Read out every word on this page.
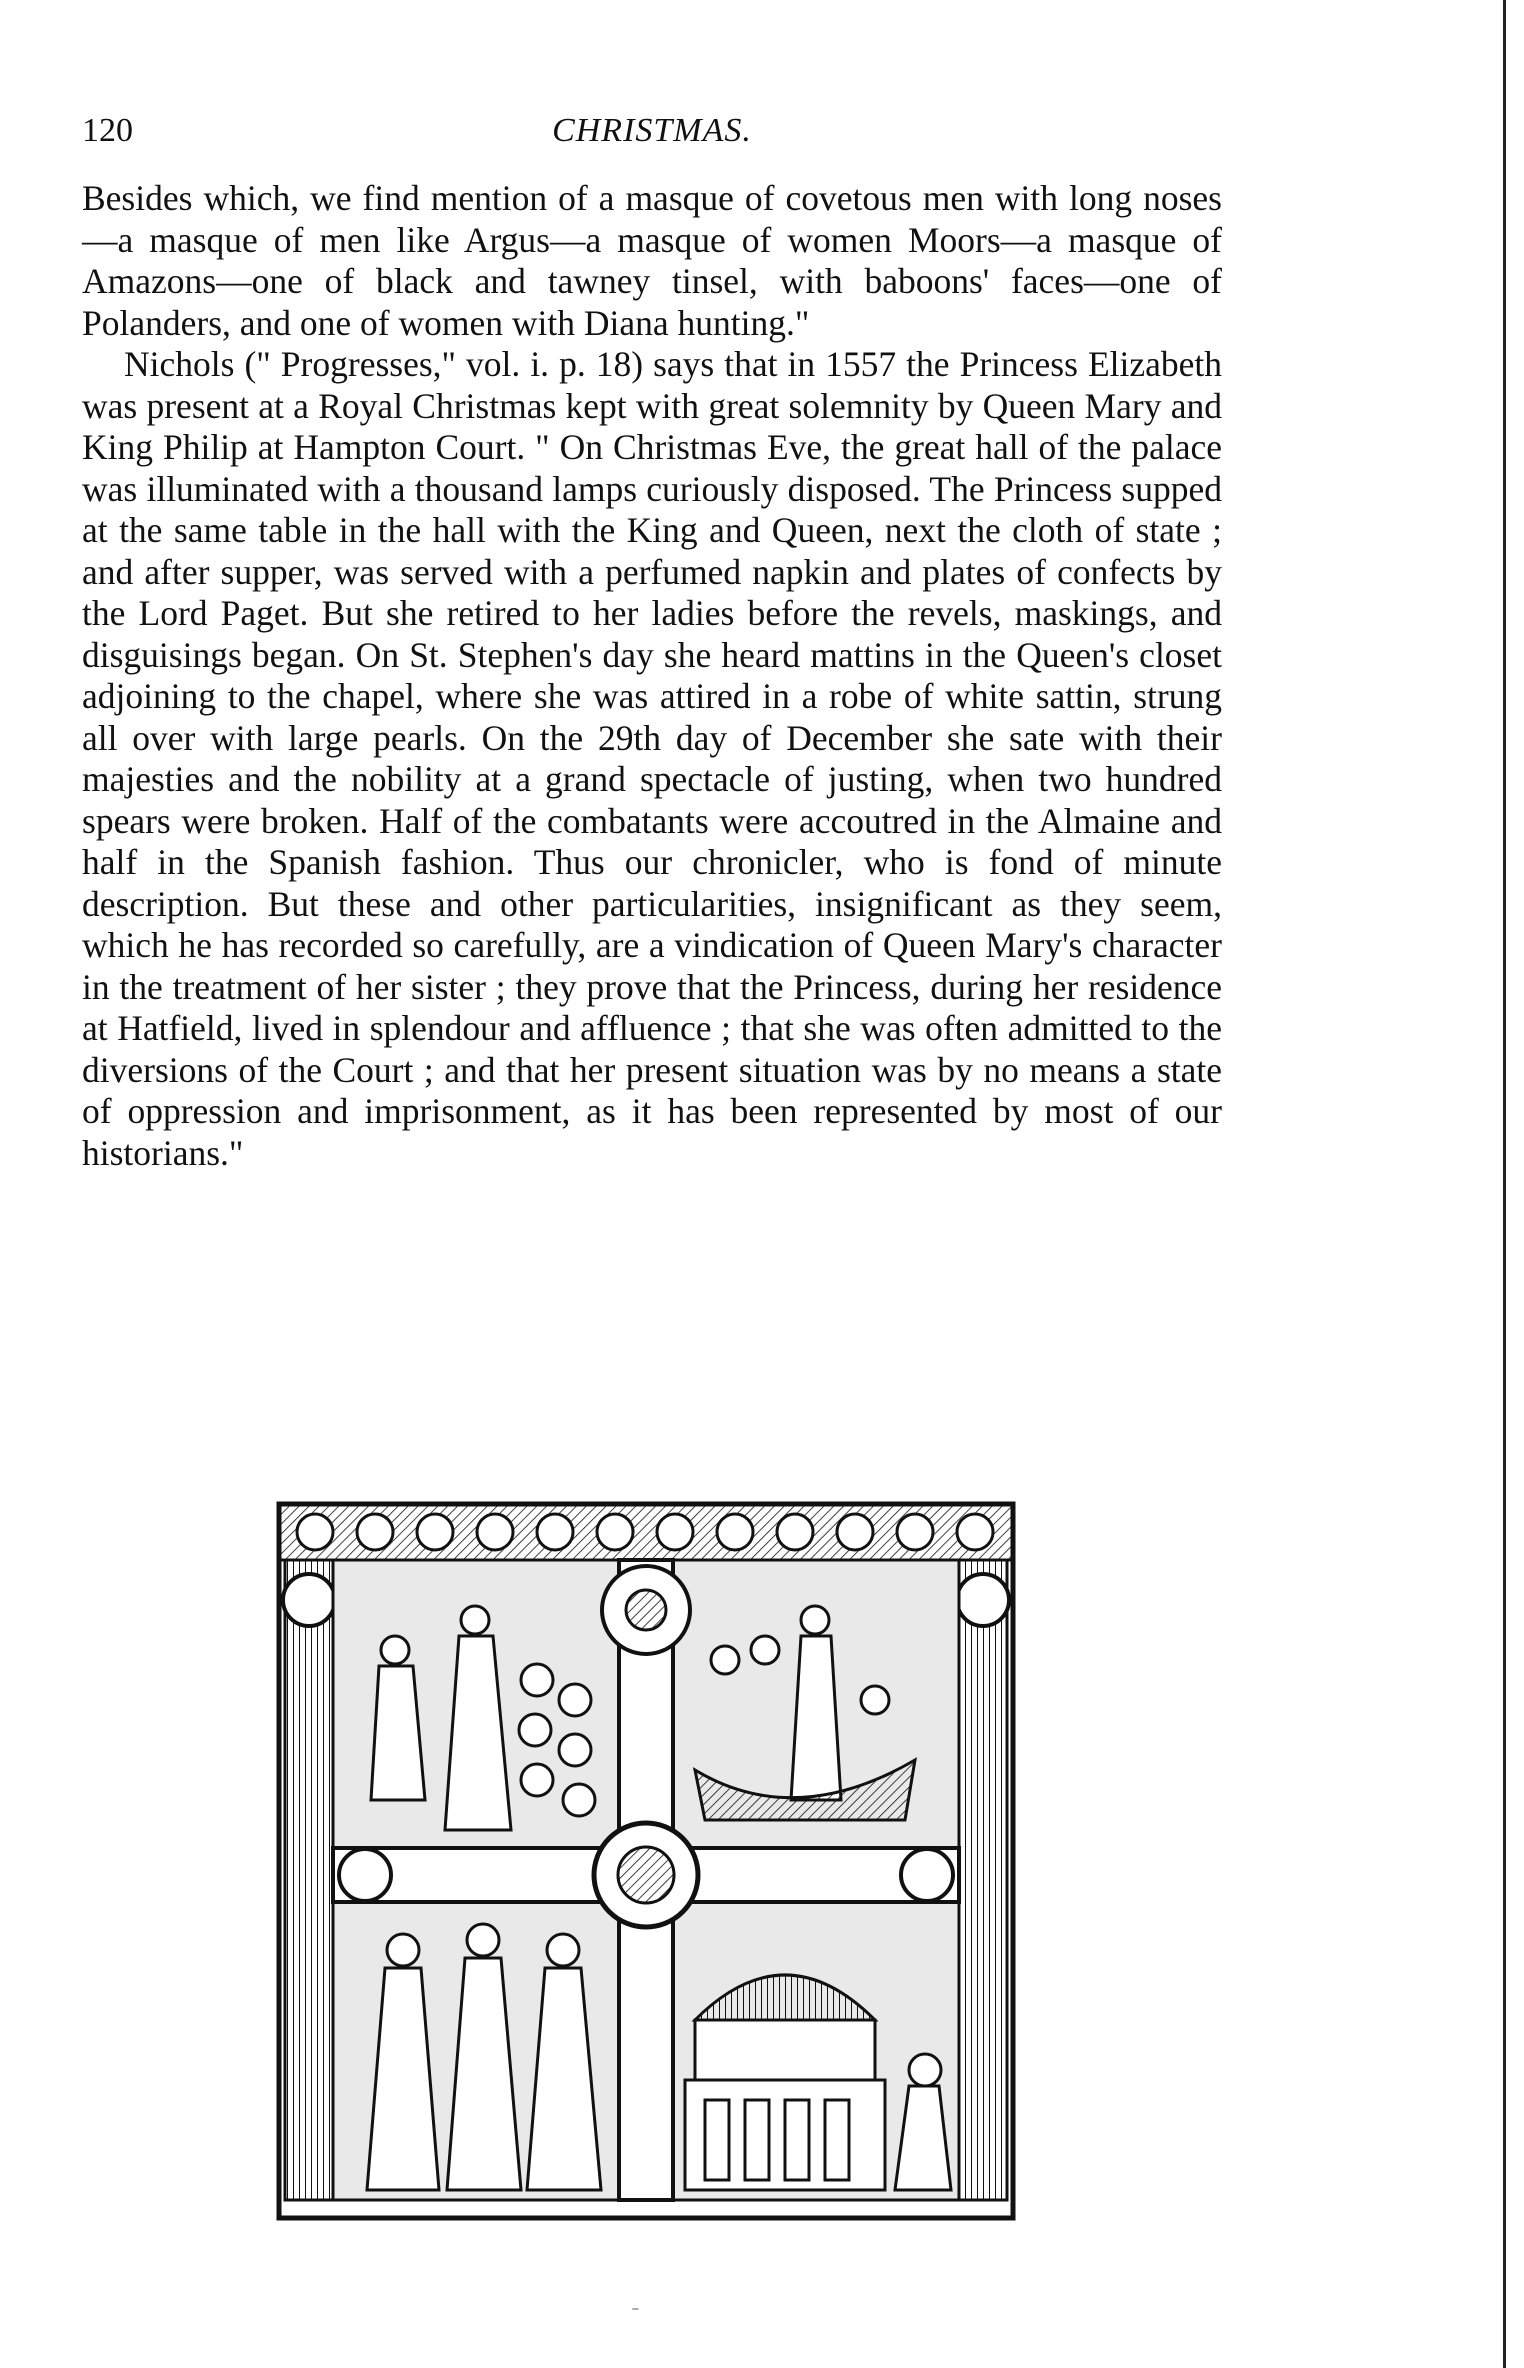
120	CHRISTMAS.

Besides which, we find mention of a masque of covetous men with long noses—a masque of men like Argus—a masque of women Moors—a masque of Amazons—one of black and tawney tinsel, with baboons' faces—one of Polanders, and one of women with Diana hunting."

Nichols (" Progresses," vol. i. p. 18) says that in 1557 the Princess Elizabeth was present at a Royal Christmas kept with great solemnity by Queen Mary and King Philip at Hampton Court. " On Christmas Eve, the great hall of the palace was illuminated with a thousand lamps curiously disposed. The Princess supped at the same table in the hall with the King and Queen, next the cloth of state ; and after supper, was served with a perfumed napkin and plates of confects by the Lord Paget. But she retired to her ladies before the revels, maskings, and disguisings began. On St. Stephen's day she heard mattins in the Queen's closet adjoining to the chapel, where she was attired in a robe of white sattin, strung all over with large pearls. On the 29th day of December she sate with their majesties and the nobility at a grand spectacle of justing, when two hundred spears were broken. Half of the combatants were accoutred in the Almaine and half in the Spanish fashion. Thus our chronicler, who is fond of minute description. But these and other particularities, insignificant as they seem, which he has recorded so carefully, are a vindication of Queen Mary's character in the treatment of her sister ; they prove that the Princess, during her residence at Hatfield, lived in splendour and affluence ; that she was often admitted to the diversions of the Court ; and that her present situation was by no means a state of oppression and imprisonment, as it has been represented by most of our historians."

ˍ
